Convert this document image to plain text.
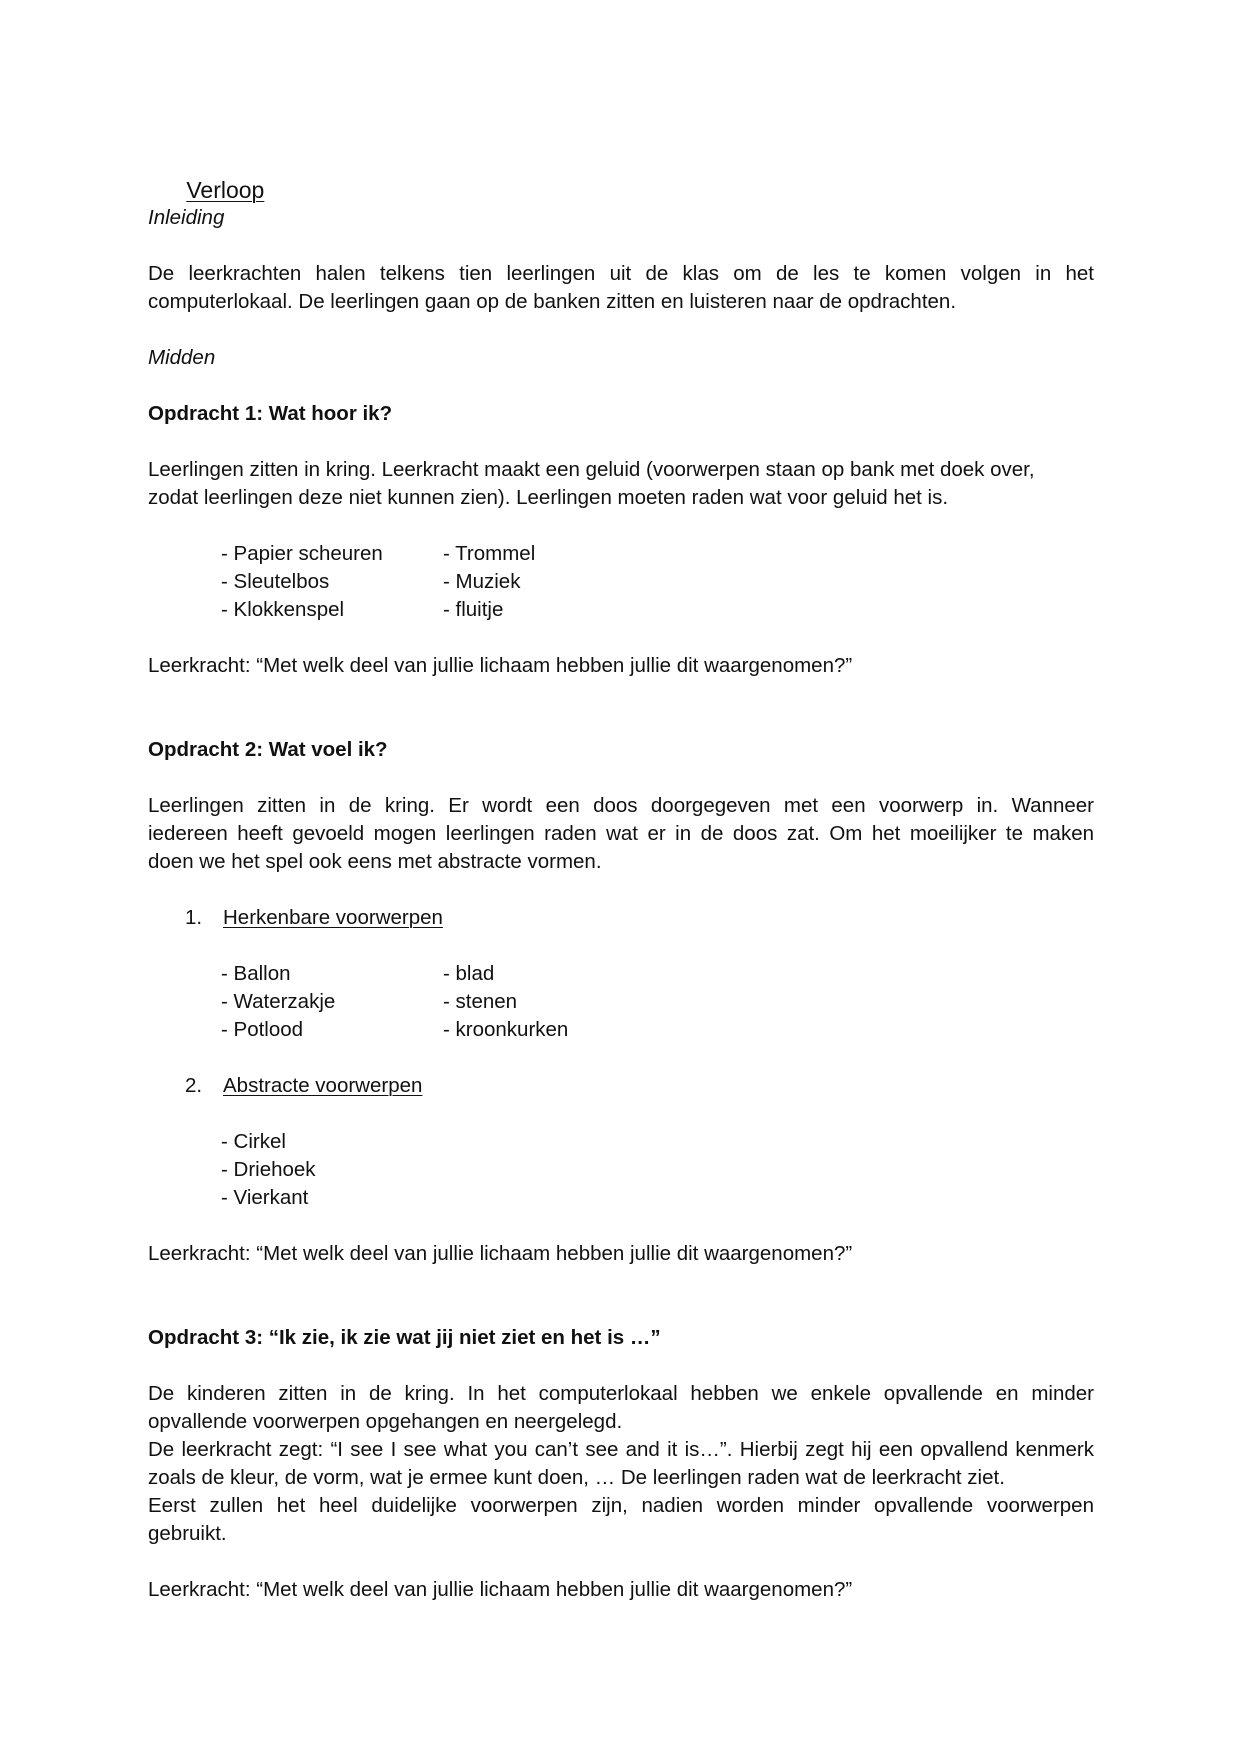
Verloop

Inleiding
De leerkrachten halen telkens tien leerlingen uit de klas om de les te komen volgen in het
computerlokaal. De leerlingen gaan op de banken zitten en luisteren naar de opdrachten.
Midden
Opdracht 1: Wat hoor ik?
Leerlingen zitten in kring. Leerkracht maakt een geluid (voorwerpen staan op bank met doek over,
zodat leerlingen deze niet kunnen zien). Leerlingen moeten raden wat voor geluid het is.
- Papier scheuren
- Sleutelbos
- Klokkenspel
- Trommel
- Muziek
- fluitje
Leerkracht: “Met welk deel van jullie lichaam hebben jullie dit waargenomen?”
Opdracht 2: Wat voel ik?
Leerlingen zitten in de kring. Er wordt een doos doorgegeven met een voorwerp in. Wanneer
iedereen heeft gevoeld mogen leerlingen raden wat er in de doos zat. Om het moeilijker te maken
doen we het spel ook eens met abstracte vormen.
1. Herkenbare voorwerpen
- Ballon
- Waterzakje
- Potlood
- blad
- stenen
- kroonkurken
2. Abstracte voorwerpen
- Cirkel
- Driehoek
- Vierkant
Leerkracht: “Met welk deel van jullie lichaam hebben jullie dit waargenomen?”
Opdracht 3: “Ik zie, ik zie wat jij niet ziet en het is …”
De kinderen zitten in de kring. In het computerlokaal hebben we enkele opvallende en minder
opvallende voorwerpen opgehangen en neergelegd.
De leerkracht zegt: “I see I see what you can’t see and it is…”. Hierbij zegt hij een opvallend kenmerk
zoals de kleur, de vorm, wat je ermee kunt doen, … De leerlingen raden wat de leerkracht ziet.
Eerst zullen het heel duidelijke voorwerpen zijn, nadien worden minder opvallende voorwerpen
gebruikt.
Leerkracht: “Met welk deel van jullie lichaam hebben jullie dit waargenomen?”
